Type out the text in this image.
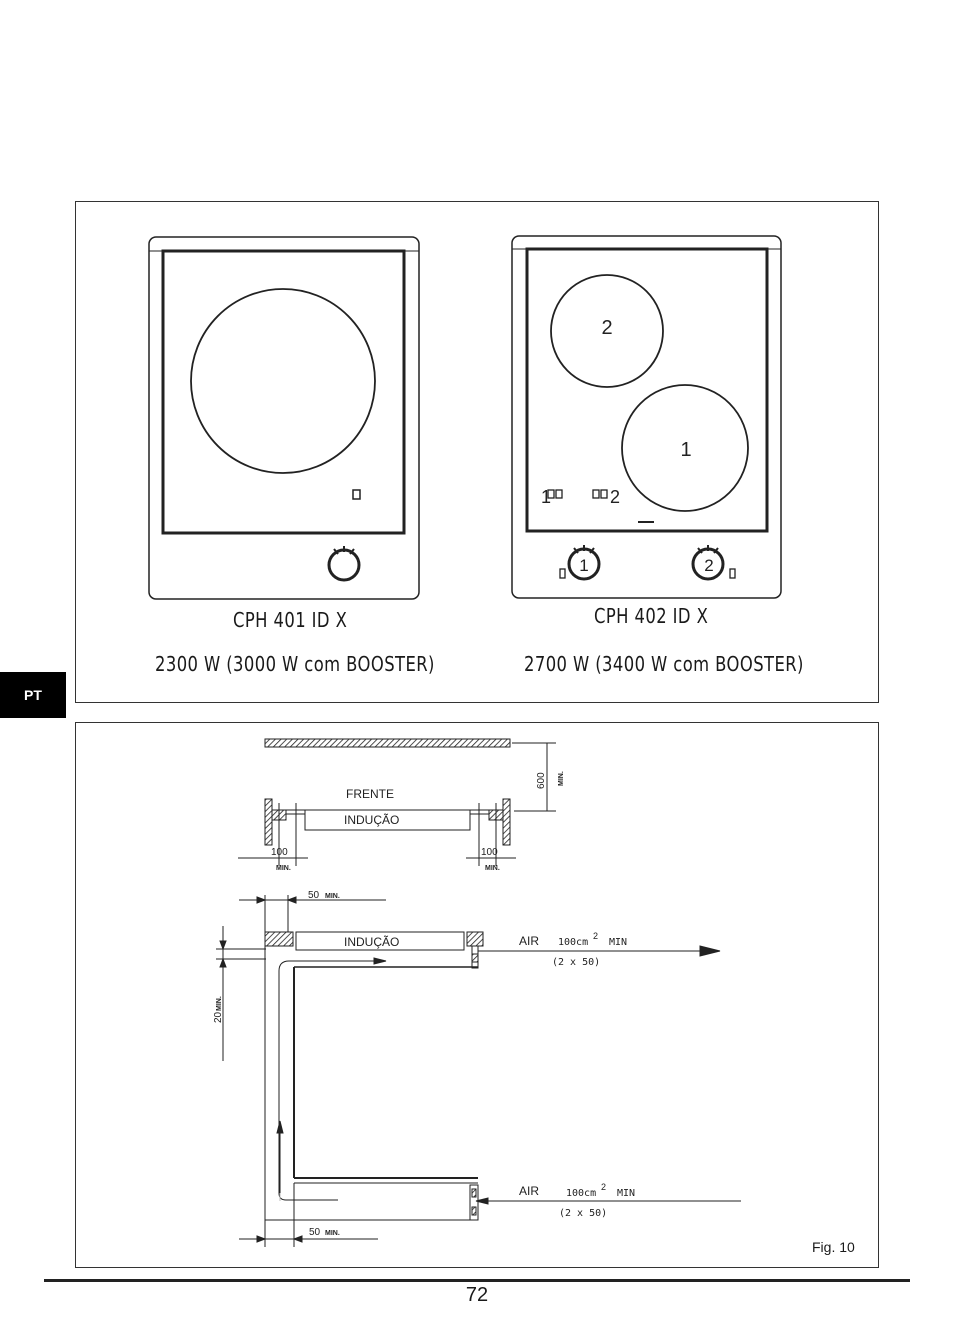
PT
2
1
1	2
1	2
CPH 401 ID X
2300 W (3000 W com BOOSTER)
CPH 402 ID X
2700 W (3400 W com BOOSTER)
600 MIN.
FRENTE
INDUÇÃO
100
MIN.
100
MIN.
50 MIN.
INDUÇÃO	AIR 100cm
2
MIN
(2 x 50)
20
MIN.
AIR	100cm
2
MIN
(2 x 50)
50 MIN.
Fig. 10
72
